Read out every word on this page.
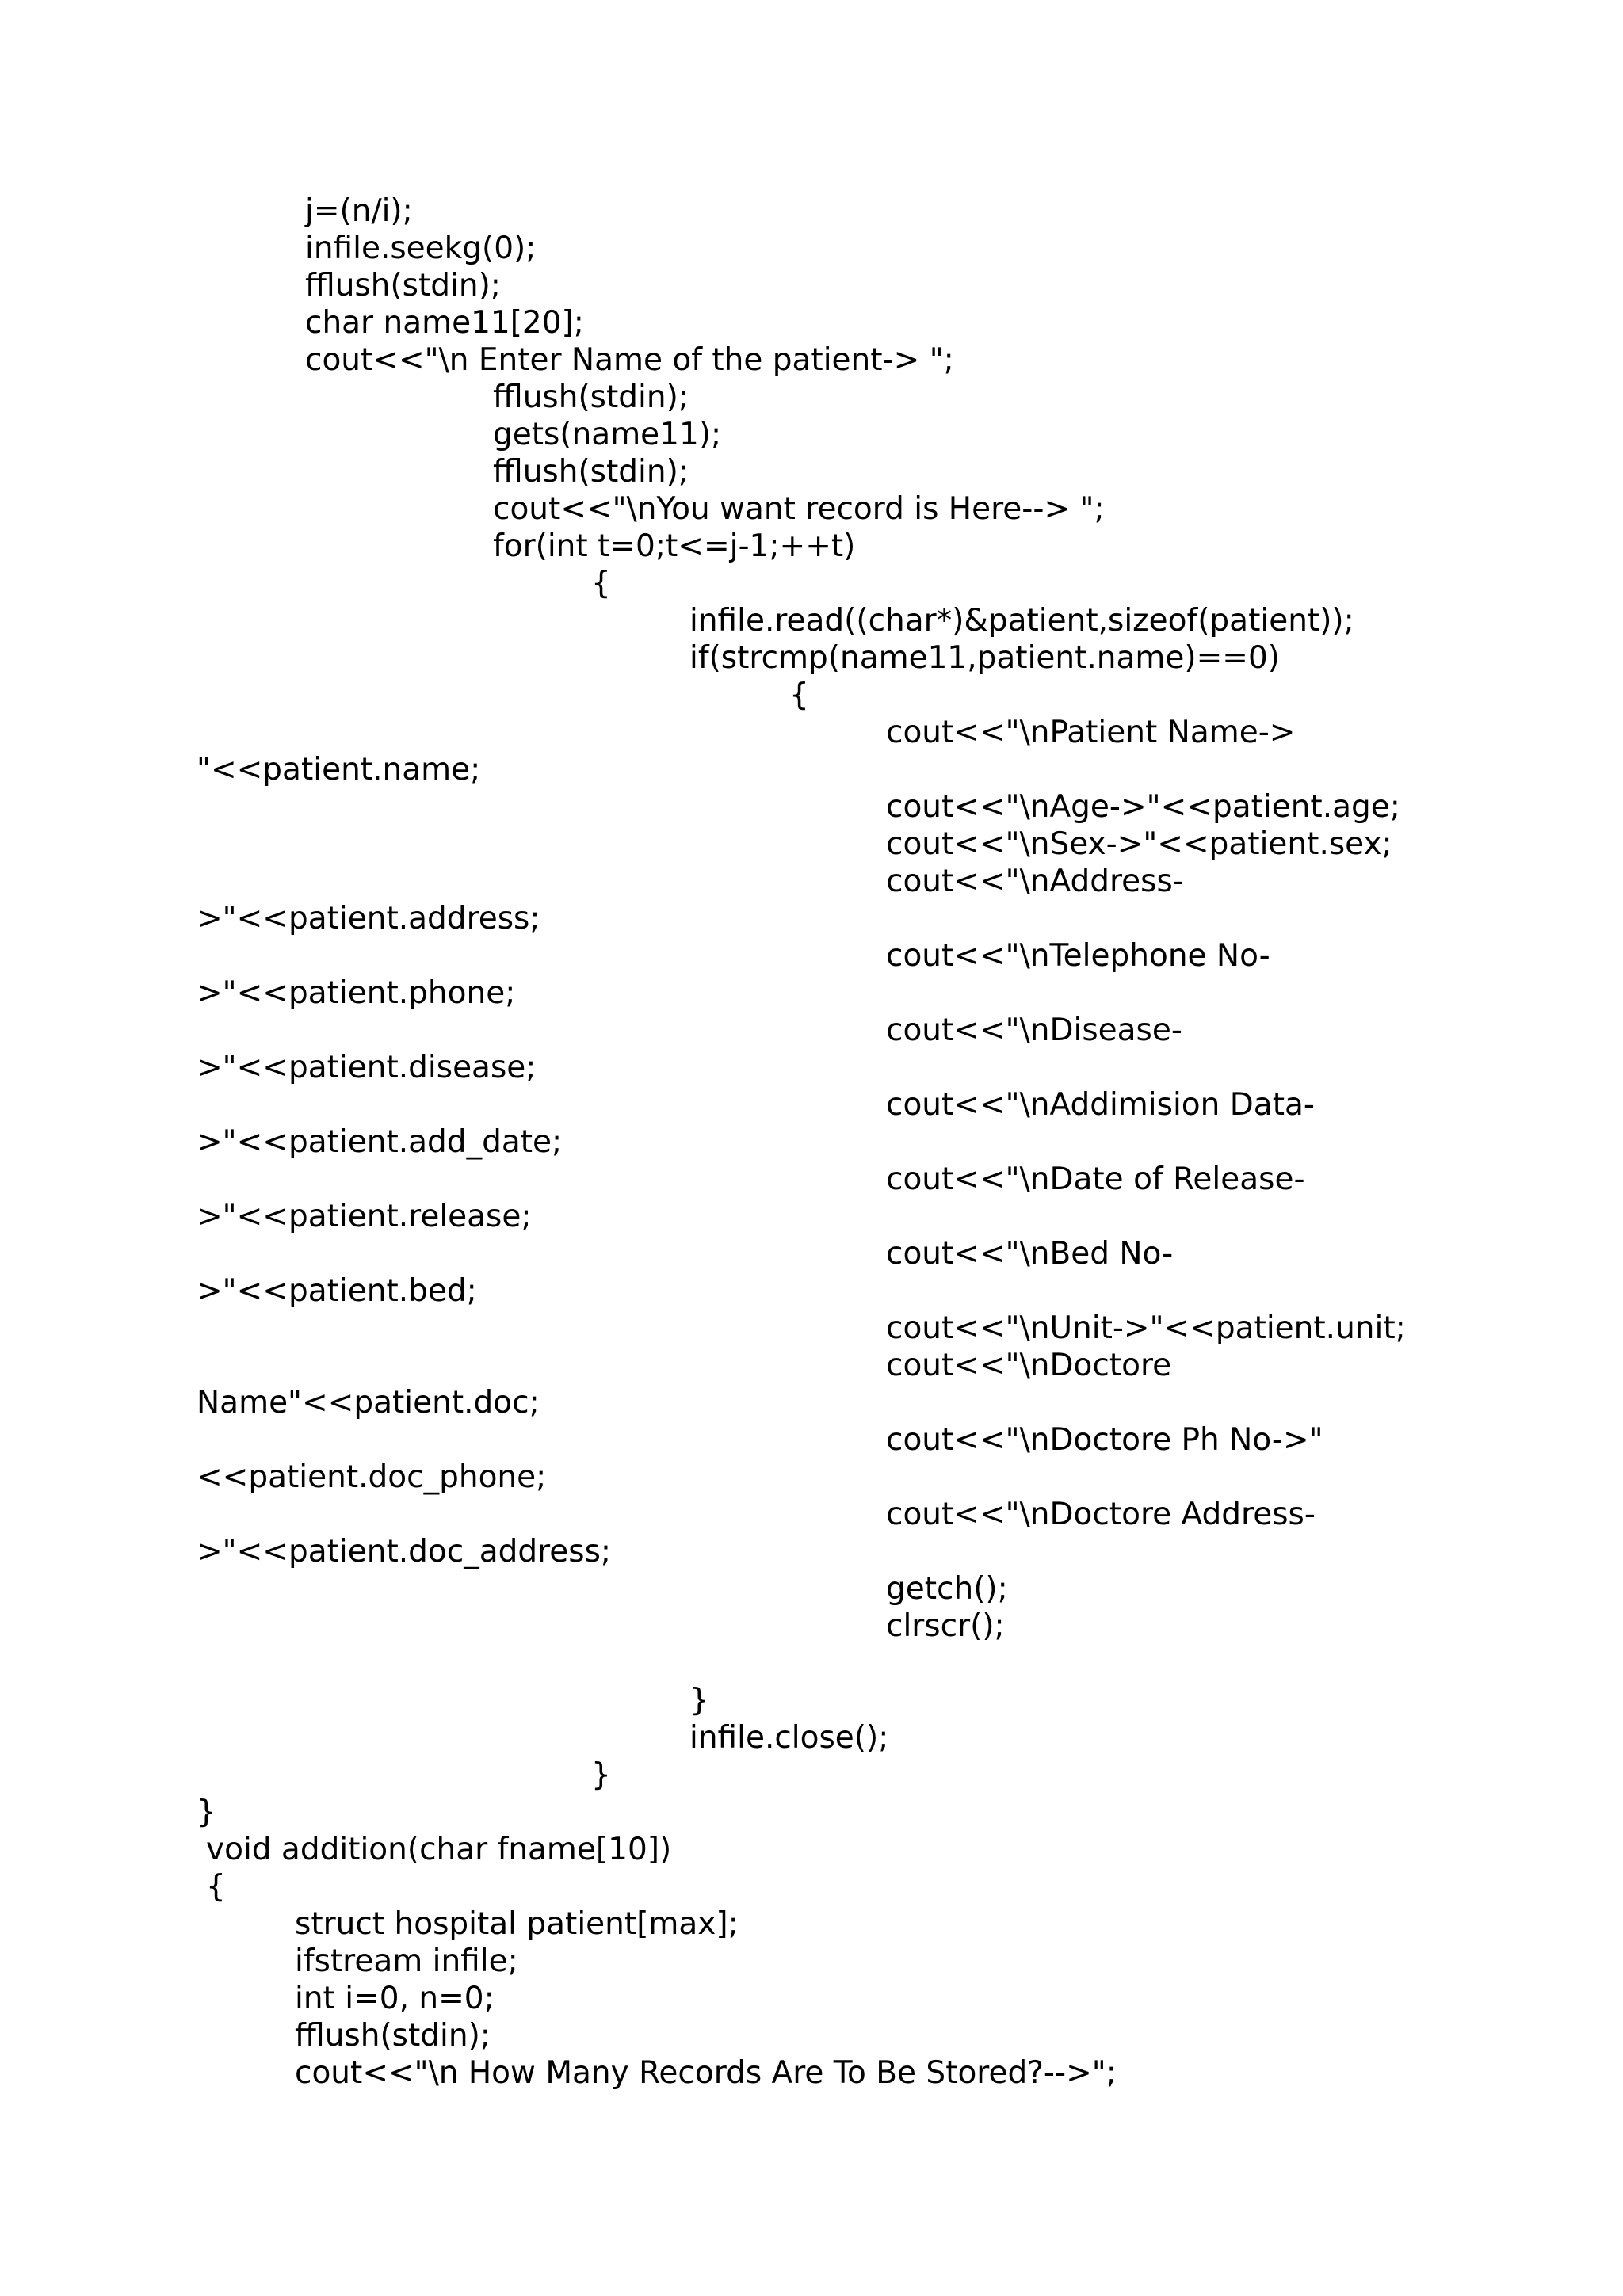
j=(n/i);
infile.seekg(0);
fflush(stdin);
char name11[20];
cout<<"\n Enter Name of the patient-> ";
fflush(stdin);
gets(name11);
fflush(stdin);
cout<<"\nYou want record is Here--> ";
for(int t=0;t<=j-1;++t)
{
infile.read((char*)&patient,sizeof(patient));
if(strcmp(name11,patient.name)==0)
{
cout<<"\nPatient Name->
"<<patient.name;
cout<<"\nAge->"<<patient.age;
cout<<"\nSex->"<<patient.sex;
cout<<"\nAddress-
>"<<patient.address;
cout<<"\nTelephone No-
>"<<patient.phone;
cout<<"\nDisease-
>"<<patient.disease;
cout<<"\nAddimision Data-
>"<<patient.add_date;
cout<<"\nDate of Release-
>"<<patient.release;
cout<<"\nBed No-
>"<<patient.bed;
cout<<"\nUnit->"<<patient.unit;
cout<<"\nDoctore
Name"<<patient.doc;
cout<<"\nDoctore Ph No->"
<<patient.doc_phone;
cout<<"\nDoctore Address-
>"<<patient.doc_address;
getch();
clrscr();
}
infile.close();
}
}
void addition(char fname[10])
{
struct hospital patient[max];
ifstream infile;
int i=0, n=0;
fflush(stdin);
cout<<"\n How Many Records Are To Be Stored?-->";
